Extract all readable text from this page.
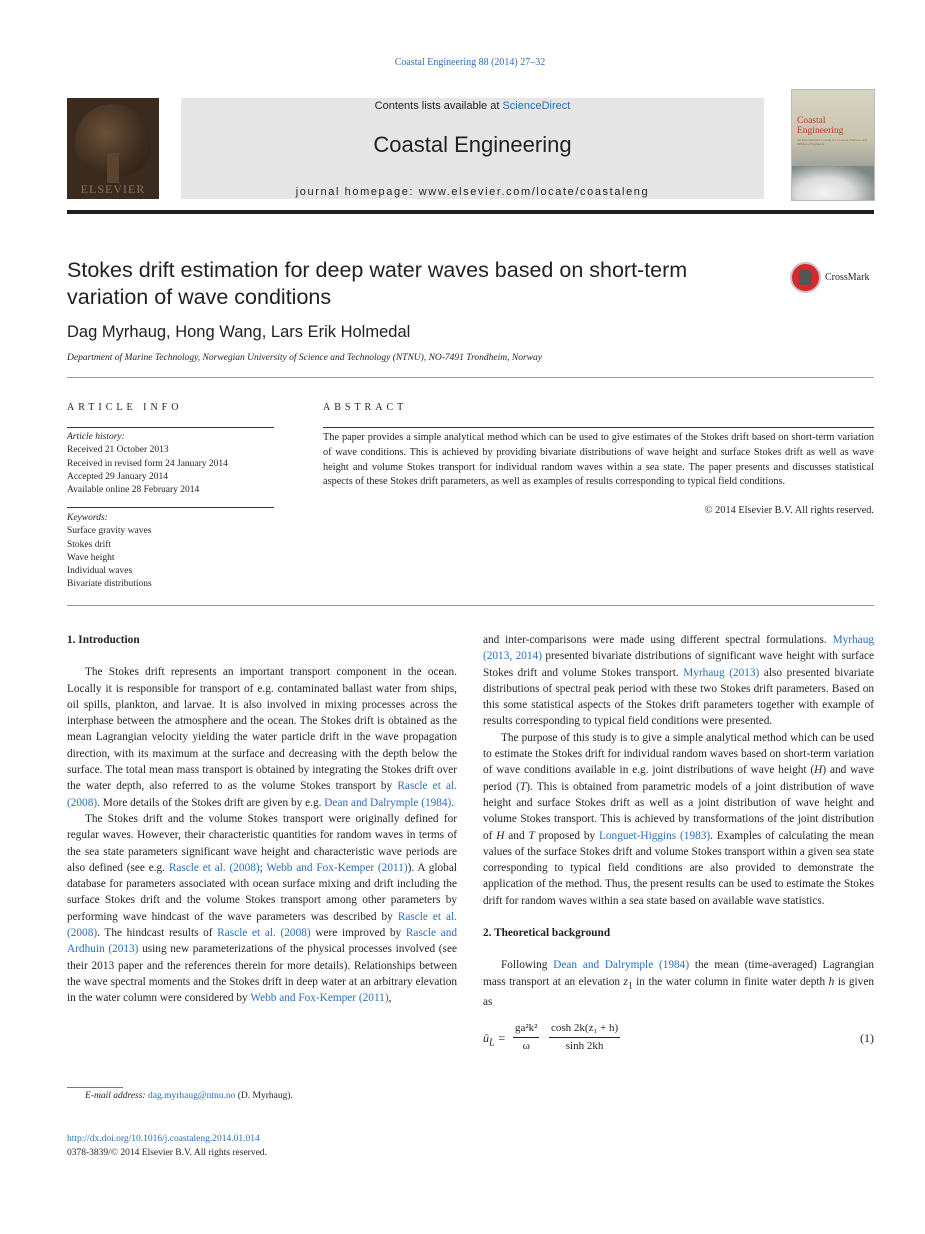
Coastal Engineering 88 (2014) 27–32
ELSEVIER
Contents lists available at ScienceDirect
Coastal Engineering
journal homepage: www.elsevier.com/locate/coastaleng
Coastal Engineering
An International Journal for Coastal, Harbour and Offshore Engineers
Stokes drift estimation for deep water waves based on short-term variation of wave conditions
CrossMark
Dag Myrhaug, Hong Wang, Lars Erik Holmedal
Department of Marine Technology, Norwegian University of Science and Technology (NTNU), NO-7491 Trondheim, Norway
ARTICLE INFO	ABSTRACT
Article history:
Received 21 October 2013
Received in revised form 24 January 2014
Accepted 29 January 2014
Available online 28 February 2014
Keywords:
Surface gravity waves
Stokes drift
Wave height
Individual waves
Bivariate distributions
The paper provides a simple analytical method which can be used to give estimates of the Stokes drift based on short-term variation of wave conditions. This is achieved by providing bivariate distributions of wave height and surface Stokes drift as well as wave height and volume Stokes transport for individual random waves within a sea state. The paper presents and discusses statistical aspects of these Stokes drift parameters, as well as examples of results corresponding to typical field conditions.
© 2014 Elsevier B.V. All rights reserved.
1. Introduction

The Stokes drift represents an important transport component in the ocean. Locally it is responsible for transport of e.g. contaminated ballast water from ships, oil spills, plankton, and larvae. It is also involved in mixing processes across the interphase between the atmosphere and the ocean. The Stokes drift is obtained as the mean Lagrangian velocity yielding the water particle drift in the wave propagation direction, with its maximum at the surface and decreasing with the depth below the surface. The total mean mass transport is obtained by integrating the Stokes drift over the water depth, also referred to as the volume Stokes transport by Rascle et al. (2008). More details of the Stokes drift are given by e.g. Dean and Dalrymple (1984).

The Stokes drift and the volume Stokes transport were originally defined for regular waves. However, their characteristic quantities for random waves in terms of the sea state parameters significant wave height and characteristic wave periods are also defined (see e.g. Rascle et al. (2008); Webb and Fox-Kemper (2011)). A global database for parameters associated with ocean surface mixing and drift including the surface Stokes drift and the volume Stokes transport among other parameters by performing wave hindcast of the wave parameters was described by Rascle et al. (2008). The hindcast results of Rascle et al. (2008) were improved by Rascle and Ardhuin (2013) using new parameterizations of the physical processes involved (see their 2013 paper and the references therein for more details). Relationships between the wave spectral moments and the Stokes drift in deep water at an arbitrary elevation in the water column were considered by Webb and Fox-Kemper (2011),

and inter-comparisons were made using different spectral formulations. Myrhaug (2013, 2014) presented bivariate distributions of significant wave height with surface Stokes drift and volume Stokes transport. Myrhaug (2013) also presented bivariate distributions of spectral peak period with these two Stokes drift parameters. Based on this some statistical aspects of the Stokes drift parameters together with example of results corresponding to typical field conditions were presented.

The purpose of this study is to give a simple analytical method which can be used to estimate the Stokes drift for individual random waves based on short-term variation of wave conditions available in e.g. joint distributions of wave height (H) and wave period (T). This is obtained from parametric models of a joint distribution of wave height and surface Stokes drift as well as a joint distribution of wave height and volume Stokes transport. This is achieved by transformations of the joint distribution of H and T proposed by Longuet-Higgins (1983). Examples of calculating the mean values of the surface Stokes drift and volume Stokes transport within a given sea state corresponding to typical field conditions are also provided to demonstrate the application of the method. Thus, the present results can be used to estimate the Stokes drift for random waves within a sea state based on available wave statistics.

2. Theoretical background

Following Dean and Dalrymple (1984) the mean (time-averaged) Lagrangian mass transport at an elevation $z_1$ in the water column in finite water depth h is given as

$ū_L = \frac{\text{ga²k²}}{\omega} \frac{\text{cosh 2k(z₁ + h)}}{\sinh 2kh}$	(1)
E-mail address: dag.myrhaug@ntnu.no (D. Myrhaug).
http://dx.doi.org/10.1016/j.coastaleng.2014.01.014
0378-3839/© 2014 Elsevier B.V. All rights reserved.
